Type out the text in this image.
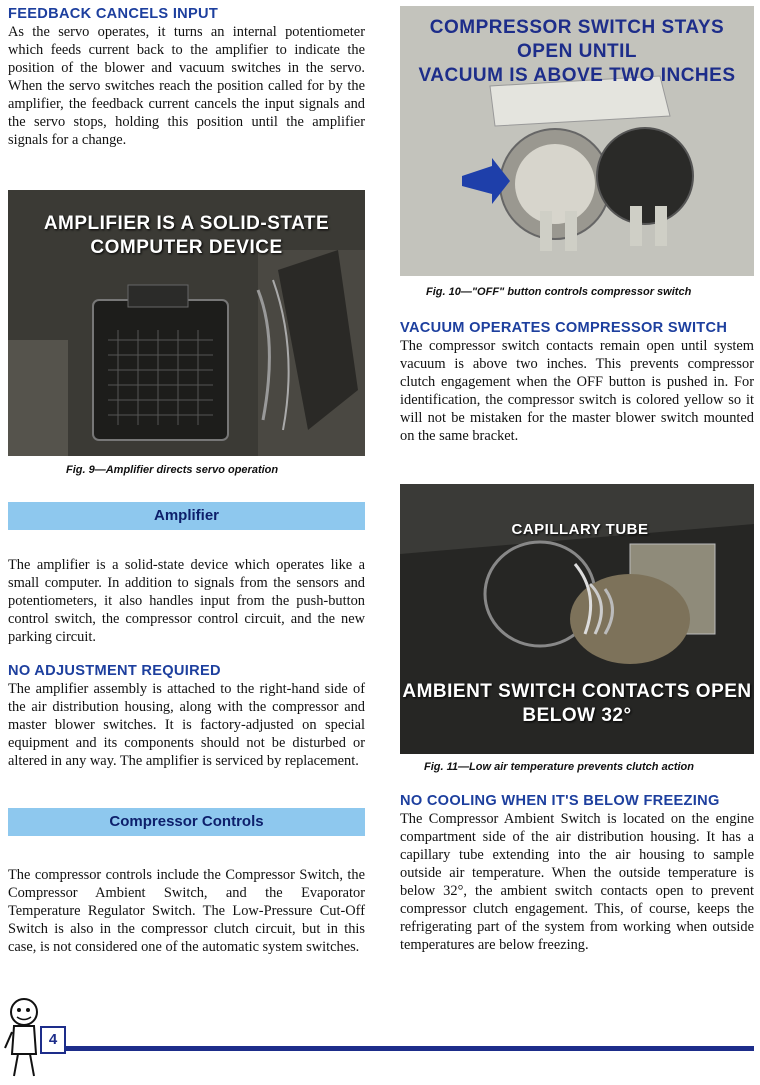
FEEDBACK CANCELS INPUT

As the servo operates, it turns an internal potentiometer which feeds current back to the amplifier to indicate the position of the blower and vacuum switches in the servo. When the servo switches reach the position called for by the amplifier, the feedback current cancels the input signals and the servo stops, holding this position until the amplifier signals for a change.

AMPLIFIER IS A SOLID-STATE
COMPUTER DEVICE
Fig. 9—Amplifier directs servo operation
Amplifier

The amplifier is a solid-state device which operates like a small computer. In addition to signals from the sensors and potentiometers, it also handles input from the push-button control switch, the compressor control circuit, and the new parking circuit.

NO ADJUSTMENT REQUIRED

The amplifier assembly is attached to the right-hand side of the air distribution housing, along with the compressor and master blower switches. It is factory-adjusted on special equipment and its components should not be disturbed or altered in any way. The amplifier is serviced by replacement.

Compressor Controls

The compressor controls include the Compressor Switch, the Compressor Ambient Switch, and the Evaporator Temperature Regulator Switch. The Low-Pressure Cut-Off Switch is also in the compressor clutch circuit, but in this case, is not considered one of the automatic system switches.

COMPRESSOR SWITCH STAYS OPEN UNTIL
VACUUM IS ABOVE TWO INCHES
Fig. 10—"OFF" button controls compressor switch
VACUUM OPERATES COMPRESSOR SWITCH

The compressor switch contacts remain open until system vacuum is above two inches. This prevents compressor clutch engagement when the OFF button is pushed in. For identification, the compressor switch is colored yellow so it will not be mistaken for the master blower switch mounted on the same bracket.

CAPILLARY TUBE
AMBIENT SWITCH CONTACTS OPEN
BELOW 32°
Fig. 11—Low air temperature prevents clutch action
NO COOLING WHEN IT'S BELOW FREEZING

The Compressor Ambient Switch is located on the engine compartment side of the air distribution housing. It has a capillary tube extending into the air housing to sample outside air temperature. When the outside temperature is below 32°, the ambient switch contacts open to prevent compressor clutch engagement. This, of course, keeps the refrigerating part of the system from working when outside temperatures are below freezing.

4
